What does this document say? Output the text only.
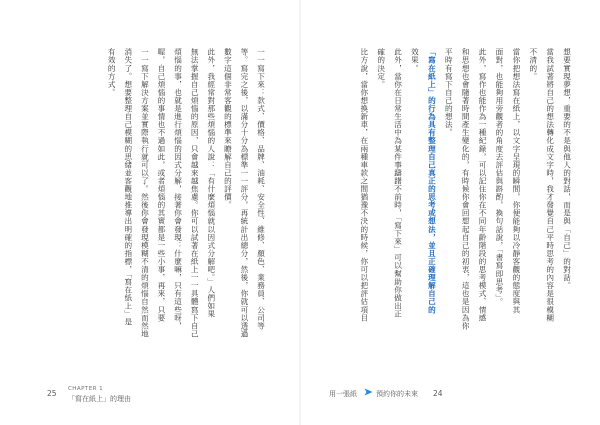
一一寫下來：款式、價格、品牌、油耗、安全性、維修、顏色、業務員、公司等
等。寫完之後，以滿分十分為標準一一評分，再統計出總分，然後，你就可以透過
數字這個非常客觀的標準來瞭解自己的評價。
此外，我經常對那些煩惱的人說：「有什麼煩惱就以因式分解吧。」人們如果
無法掌握自己煩惱的原因，只會越來越焦慮。你可以試著在紙上一一具體寫下自己
煩惱的事，也就是進行煩惱的因式分解，接著你會發現：什麼嘛，只有這些呀，
喔，自己煩惱的事情也不過如此，或者煩惱的其實都是一些小事，再來，只要
一一寫下解決方案並實際執行就可以了。然後你會發現模糊不清的煩惱自然而然地
消失了。想要整理自己模糊的思緒並客觀地推導出明確的指標，「寫在紙上」是
有效的方式。	想要實現夢想，重要的不是與他人的對話，而是與「自己」的對話。
當我試著將自己的想法轉化成文字時，我才發覺自己平時思考的內容是很模糊
不清的。
當你把想法寫在紙上，以文字呈現的瞬間，你便能夠以冷靜客觀的態度與其
面對，也能夠用旁觀者的角度去評估與斟酌，換句話說，「書寫即思考」。
此外，寫作也能作為一種紀錄，可以記住你在不同年齡階段的思考模式、情感
和思想也會隨著時間產生變化的，有時候你會回想起自己的初衷，這也是因為你
平時有寫下自己的想法。
「寫在紙上」的行為具有整理自己真正的思考或想法，並且正確理解自己的
效果。
此外，當你在日常生活中為某件事躊躇不前時，「寫下來」可以幫助你做出正
確的決定。
比方說，當你想換新車，在兩種車款之間猶豫不決的時候，你可以把評估項目
25 CHAPTER 1
「寫在紙上」的理由
用一張紙	預約你的未來 24
